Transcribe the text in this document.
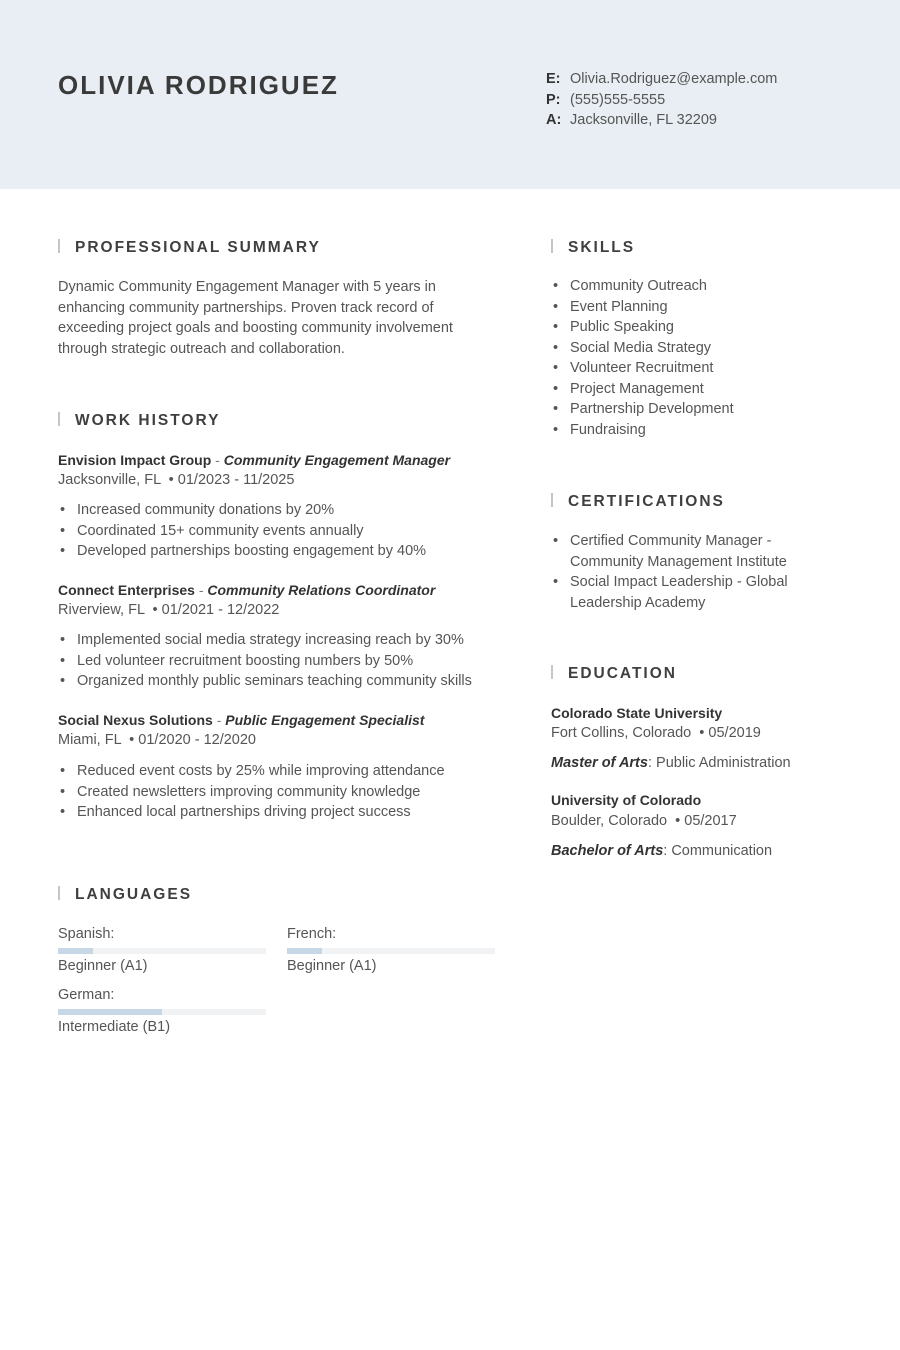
OLIVIA RODRIGUEZ	E: Olivia.Rodriguez@example.com
P: (555)555-5555
A: Jacksonville, FL 32209
PROFESSIONAL SUMMARY
Dynamic Community Engagement Manager with 5 years in
enhancing community partnerships. Proven track record of
exceeding project goals and boosting community involvement
through strategic outreach and collaboration.
WORK HISTORY
Envision Impact Group - Community Engagement Manager
Jacksonville, FL  • 01/2023 - 11/2025
• Increased community donations by 20%
• Coordinated 15+ community events annually
• Developed partnerships boosting engagement by 40%
Connect Enterprises - Community Relations Coordinator
Riverview, FL  • 01/2021 - 12/2022
• Implemented social media strategy increasing reach by 30%
• Led volunteer recruitment boosting numbers by 50%
• Organized monthly public seminars teaching community skills
Social Nexus Solutions - Public Engagement Specialist
Miami, FL  • 01/2020 - 12/2020
• Reduced event costs by 25% while improving attendance
• Created newsletters improving community knowledge
• Enhanced local partnerships driving project success
LANGUAGES
Spanish:
Beginner (A1)
French:
Beginner (A1)
German:
Intermediate (B1)
SKILLS
• Community Outreach
• Event Planning
• Public Speaking
• Social Media Strategy
• Volunteer Recruitment
• Project Management
• Partnership Development
• Fundraising
CERTIFICATIONS
• Certified Community Manager - Community Management Institute
• Social Impact Leadership - Global Leadership Academy
EDUCATION
Colorado State University
Fort Collins, Colorado  • 05/2019
Master of Arts: Public Administration
University of Colorado
Boulder, Colorado  • 05/2017
Bachelor of Arts: Communication
